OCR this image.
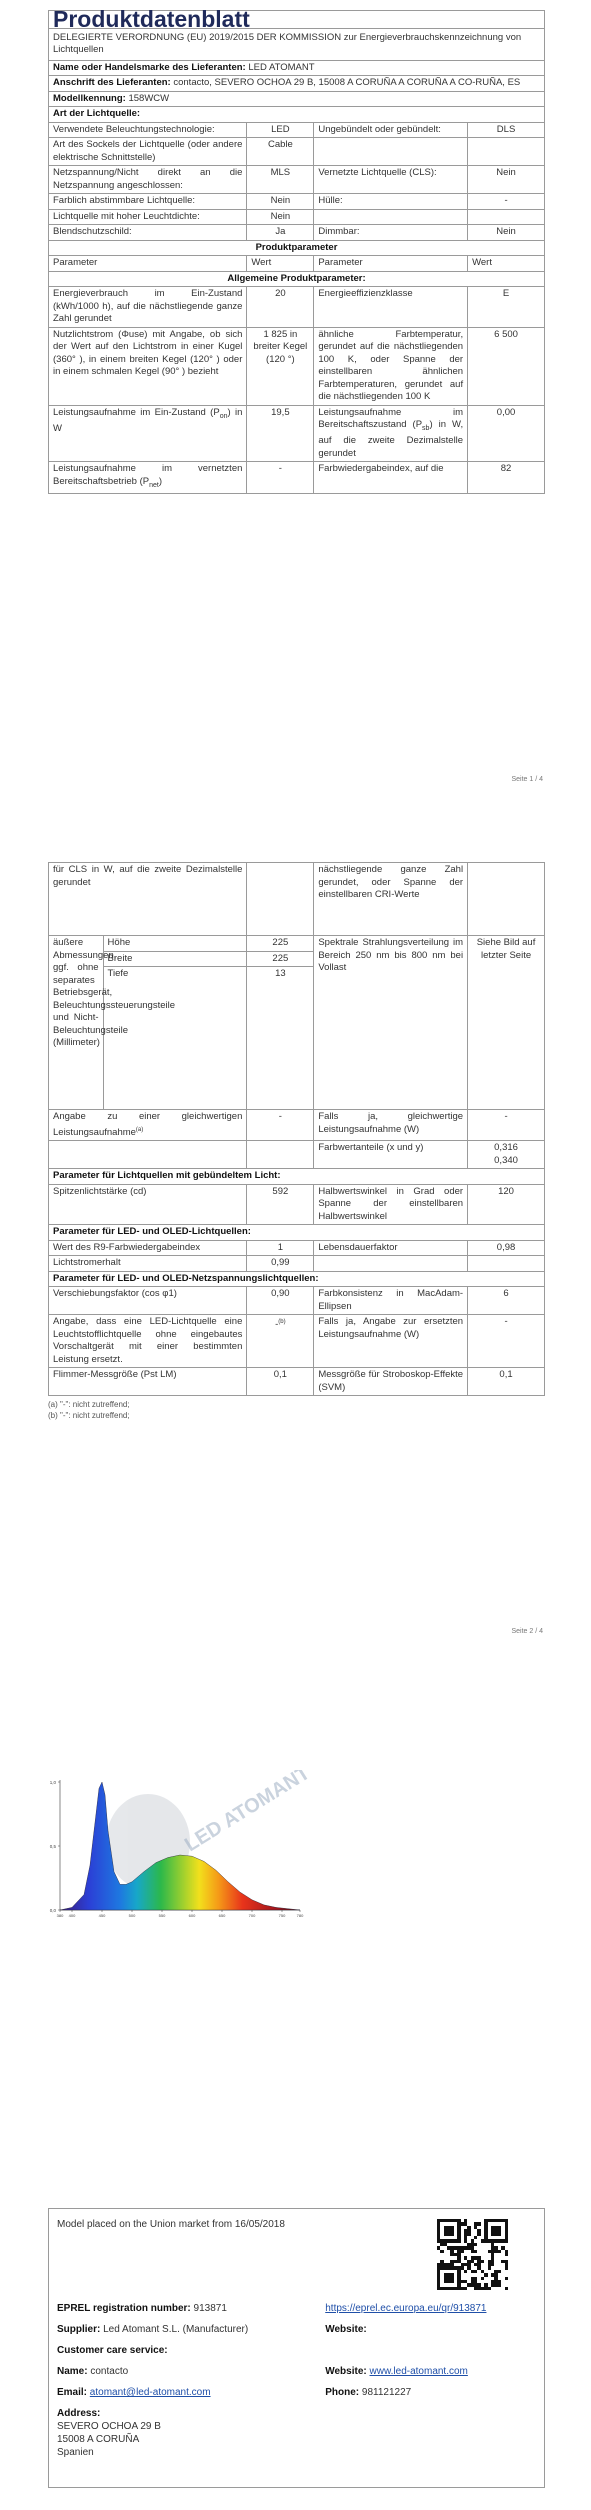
Produktdatenblatt			
DELEGIERTE VERORDNUNG (EU) 2019/2015 DER KOMMISSION zur Energieverbrauchskennzeichnung von Lichtquellen			
Name oder Handelsmarke des Lieferanten: LED ATOMANT			
Anschrift des Lieferanten: contacto, SEVERO OCHOA 29 B, 15008 A CORUÑA A CORUÑA A CO-RUÑA, ES			
Modellkennung: 158WCW			
Art der Lichtquelle:			
Verwendete Beleuchtungstechnologie:	LED	Ungebündelt oder gebündelt:	DLS
Art des Sockels der Lichtquelle (oder andere elektrische Schnittstelle)	Cable		
Netzspannung/Nicht direkt an die Netzspannung angeschlossen:	MLS	Vernetzte Lichtquelle (CLS):	Nein
Farblich abstimmbare Lichtquelle:	Nein	Hülle:	-
Lichtquelle mit hoher Leuchtdichte:	Nein		
Blendschutzschild:	Ja	Dimmbar:	Nein
Produktparameter			
Parameter	Wert	Parameter	Wert
Allgemeine Produktparameter:			
Energieverbrauch im Ein-Zustand (kWh/1000 h), auf die nächstliegende ganze Zahl gerundet	20	Energieeffizienzklasse	E
Nutzlichtstrom (Φuse) mit Angabe, ob sich der Wert auf den Lichtstrom in einer Kugel (360° ), in einem breiten Kegel (120° ) oder in einem schmalen Kegel (90° ) bezieht	1 825 in breiter Kegel (120 °)	ähnliche Farbtemperatur, gerundet auf die nächstliegenden 100 K, oder Spanne der einstellbaren ähnlichen Farbtemperaturen, gerundet auf die nächstliegenden 100 K	6 500
Leistungsaufnahme im Ein-Zustand $(P_{on})$ in W	19,5	Leistungsaufnahme im Bereitschaftszustand $(P_{sb})$ in W, auf die zweite Dezimalstelle gerundet	0,00
Leistungsaufnahme im vernetzten Bereitschaftsbetrieb $(P_{net})$	-	Farbwiedergabeindex, auf die	82
Seite 1 / 4
für CLS in W, auf die zweite Dezimalstelle gerundet			nächstliegende ganze Zahl gerundet, oder Spanne der einstellbaren CRI-Werte	
äußere Abmessungen, ggf. ohne separates Betriebsgerät, Beleuchtungssteuerungsteile und Nicht-Beleuchtungsteile (Millimeter)	Höhe	225	Spektrale Strahlungsverteilung im Bereich 250 nm bis 800 nm bei Vollast	Siehe Bild auf letzter Seite
	Breite	225		
	Tiefe	13		
Angabe zu einer gleichwertigen Leistungsaufnahme$^{(a)}$		-	Falls ja, gleichwertige Leistungsaufnahme (W)	-
			Farbwertanteile (x und y)	0,316
0,340

Parameter für Lichtquellen mit gebündeltem Licht:				
Spitzenlichtstärke (cd)		592	Halbwertswinkel in Grad oder Spanne der einstellbaren Halbwertswinkel	120
Parameter für LED- und OLED-Lichtquellen:				
Wert des R9-Farbwiedergabeindex		1	Lebensdauerfaktor	0,98
Lichtstromerhalt		0,99		
Parameter für LED- und OLED-Netzspannungslichtquellen:				
Verschiebungsfaktor (cos φ1)		0,90	Farbkonsistenz in MacAdam-Ellipsen	6
Angabe, dass eine LED-Lichtquelle eine Leuchtstofflichtquelle ohne eingebautes Vorschaltgerät mit einer bestimmten Leistung ersetzt.		-$^{(b)}$	Falls ja, Angabe zur ersetzten Leistungsaufnahme (W)	-
Flimmer-Messgröße (Pst LM)		0,1	Messgröße für Stroboskop-Effekte (SVM)	0,1
(a) "-": nicht zutreffend;
(b) "-": nicht zutreffend;
Seite 2 / 4
LED ATOMANT
1,0
0,5
0,0
380 400	450	500	550	600	650	700	750	780
Model placed on the Union market from 16/05/2018
EPREL registration number: 913871	https://eprel.ec.europa.eu/qr/913871

Supplier: Led Atomant S.L. (Manufacturer)	Website:

Customer care service:	

Name: contacto	Website: www.led-atomant.com

Email: atomant@led-atomant.com	Phone: 981121227

Address:
SEVERO OCHOA 29 B
15008 A CORUÑA
Spanien	
